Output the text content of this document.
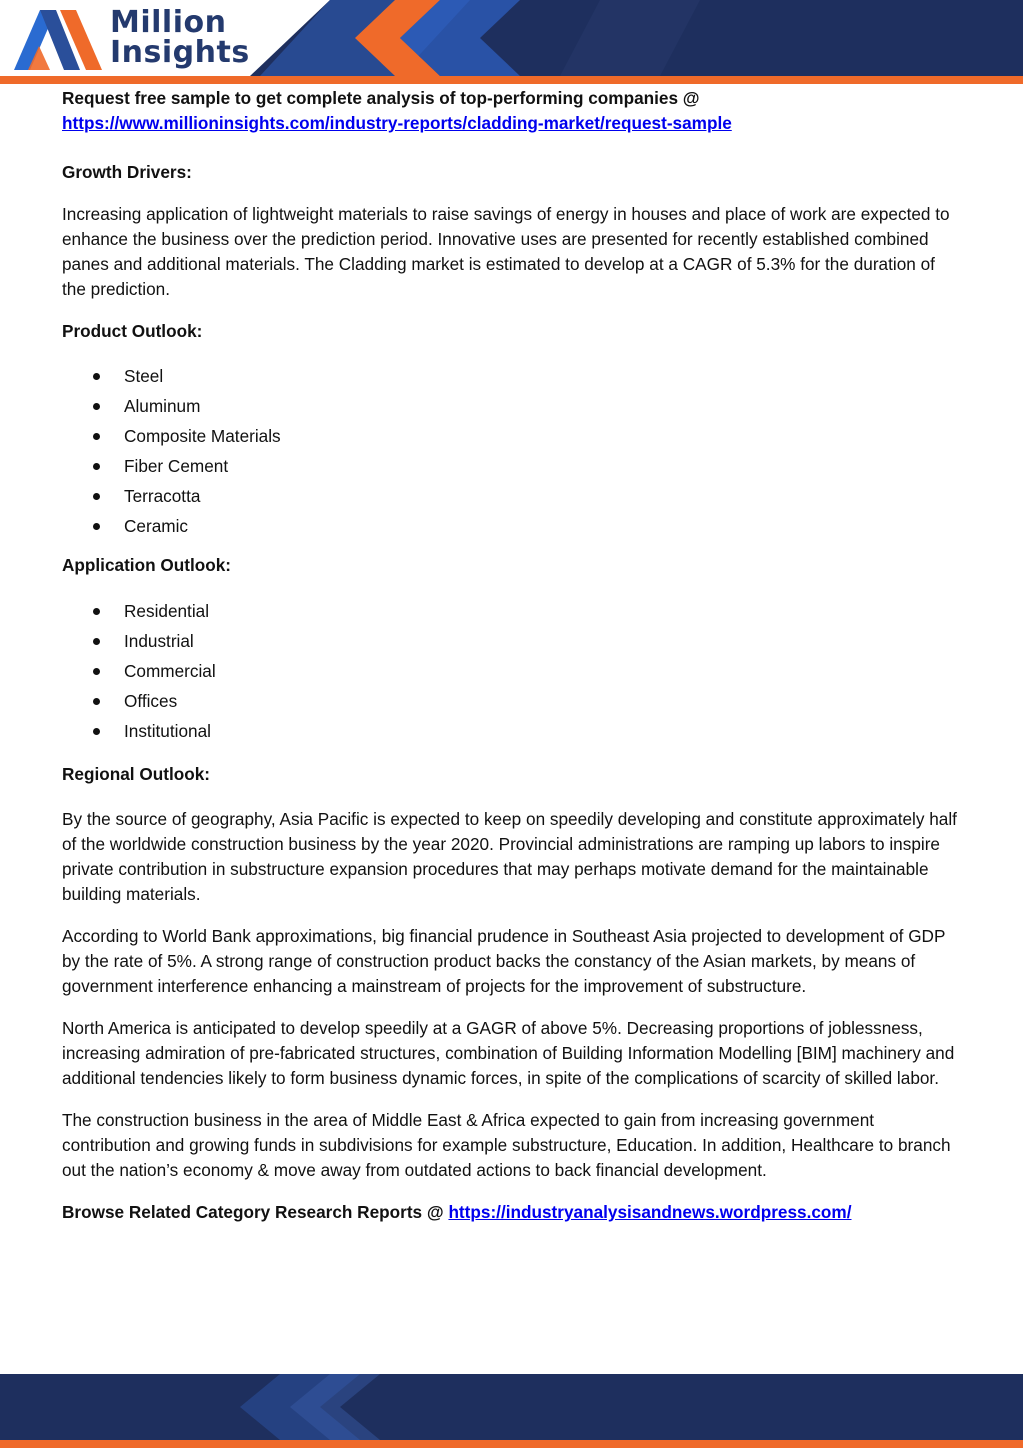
Million
Insights

Request free sample to get complete analysis of top-performing companies @

https://www.millioninsights.com/industry-reports/cladding-market/request-sample

Growth Drivers:

Increasing application of lightweight materials to raise savings of energy in houses and place of work are expected to enhance the business over the prediction period. Innovative uses are presented for recently established combined panes and additional materials. The Cladding market is estimated to develop at a CAGR of 5.3% for the duration of the prediction.

Product Outlook:

Steel
Aluminum
Composite Materials
Fiber Cement
Terracotta
Ceramic

Application Outlook:

Residential
Industrial
Commercial
Offices
Institutional

Regional Outlook:

By the source of geography, Asia Pacific is expected to keep on speedily developing and constitute approximately half of the worldwide construction business by the year 2020. Provincial administrations are ramping up labors to inspire private contribution in substructure expansion procedures that may perhaps motivate demand for the maintainable building materials.

According to World Bank approximations, big financial prudence in Southeast Asia projected to development of GDP by the rate of 5%. A strong range of construction product backs the constancy of the Asian markets, by means of government interference enhancing a mainstream of projects for the improvement of substructure.

North America is anticipated to develop speedily at a GAGR of above 5%. Decreasing proportions of joblessness, increasing admiration of pre-fabricated structures, combination of Building Information Modelling [BIM] machinery and additional tendencies likely to form business dynamic forces, in spite of the complications of scarcity of skilled labor.

The construction business in the area of Middle East & Africa expected to gain from increasing government contribution and growing funds in subdivisions for example substructure, Education. In addition, Healthcare to branch out the nation’s economy & move away from outdated actions to back financial development.

Browse Related Category Research Reports @ https://industryanalysisandnews.wordpress.com/
